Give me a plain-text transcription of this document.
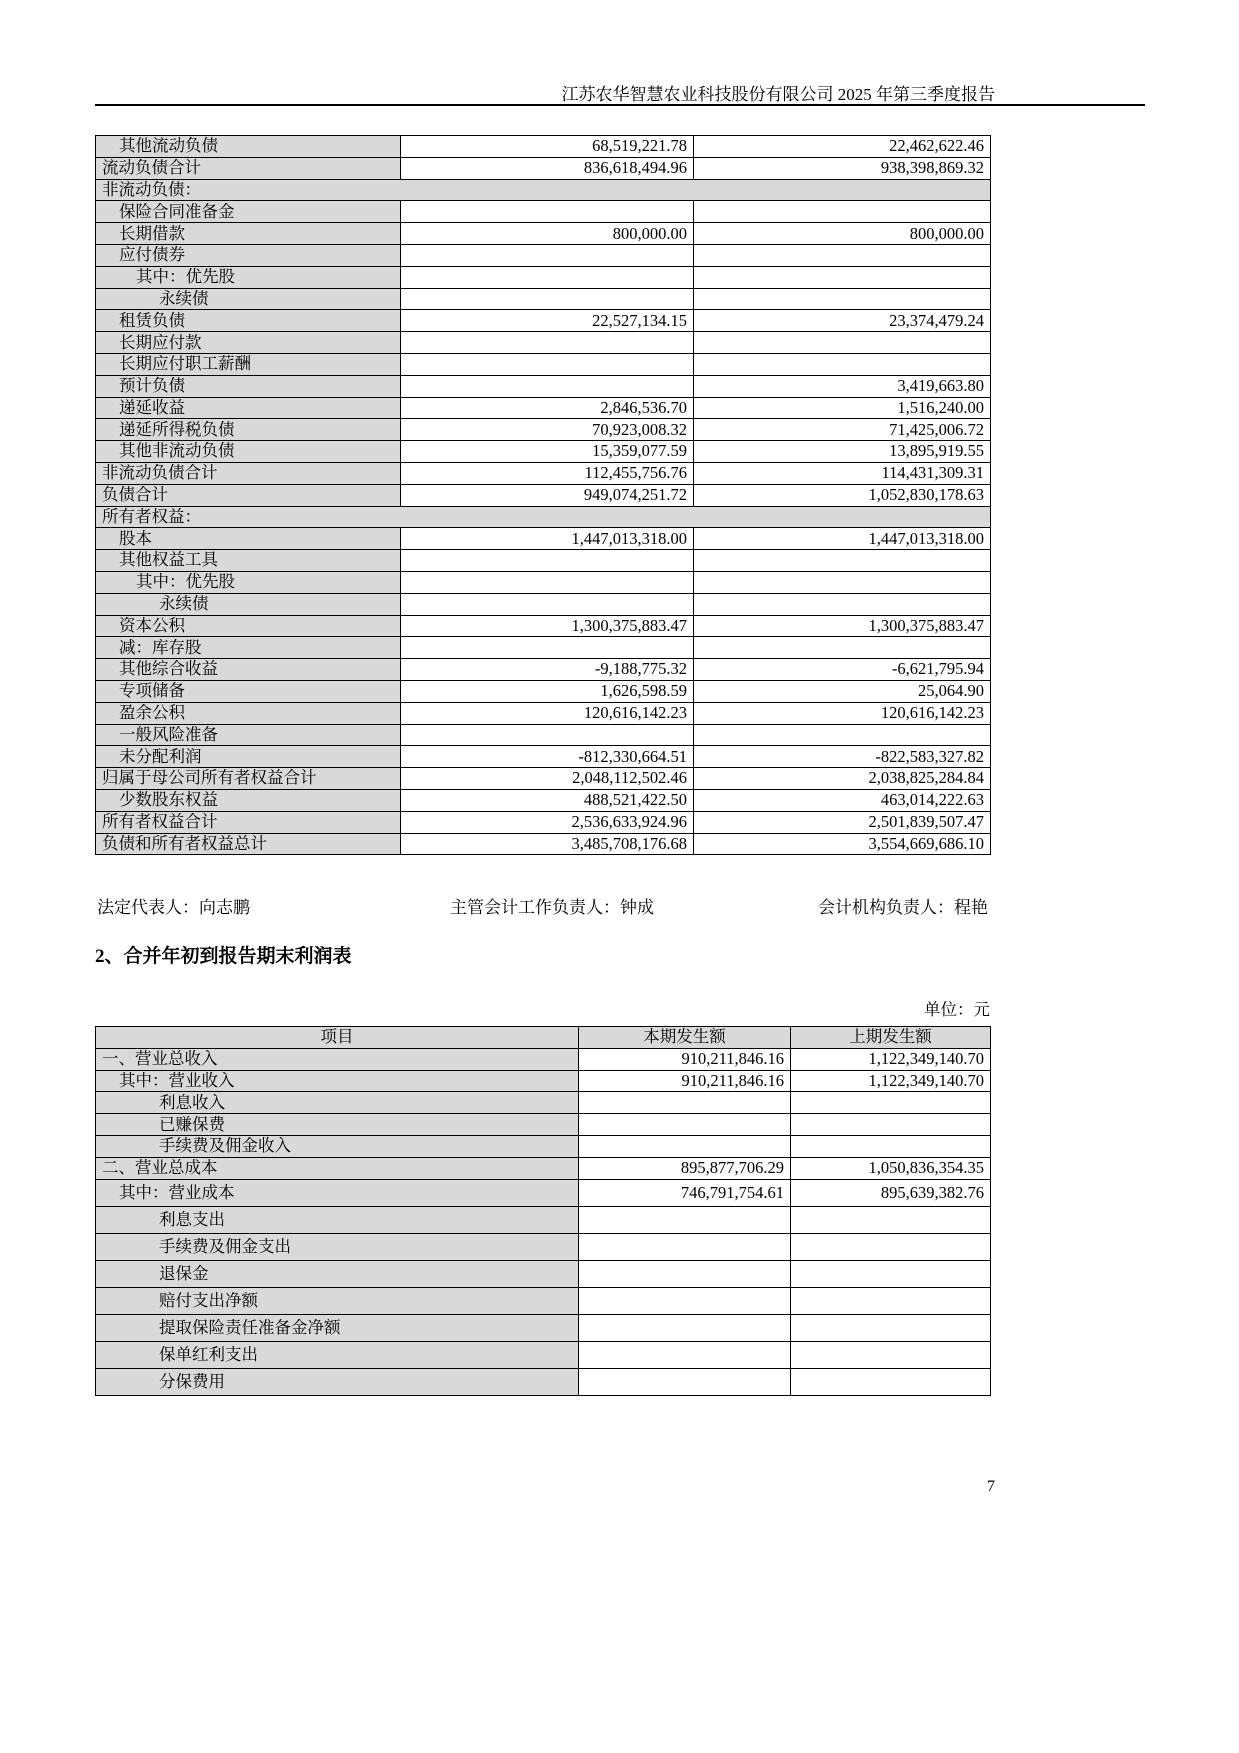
江苏农华智慧农业科技股份有限公司 2025 年第三季度报告
其他流动负债	68,519,221.78	22,462,622.46
流动负债合计	836,618,494.96	938,398,869.32
非流动负债：		
保险合同准备金		
长期借款	800,000.00	800,000.00
应付债券		
其中：优先股		
永续债		
租赁负债	22,527,134.15	23,374,479.24
长期应付款		
长期应付职工薪酬		
预计负债		3,419,663.80
递延收益	2,846,536.70	1,516,240.00
递延所得税负债	70,923,008.32	71,425,006.72
其他非流动负债	15,359,077.59	13,895,919.55
非流动负债合计	112,455,756.76	114,431,309.31
负债合计	949,074,251.72	1,052,830,178.63
所有者权益：		
股本	1,447,013,318.00	1,447,013,318.00
其他权益工具		
其中：优先股		
永续债		
资本公积	1,300,375,883.47	1,300,375,883.47
减：库存股		
其他综合收益	-9,188,775.32	-6,621,795.94
专项储备	1,626,598.59	25,064.90
盈余公积	120,616,142.23	120,616,142.23
一般风险准备		
未分配利润	-812,330,664.51	-822,583,327.82
归属于母公司所有者权益合计	2,048,112,502.46	2,038,825,284.84
少数股东权益	488,521,422.50	463,014,222.63
所有者权益合计	2,536,633,924.96	2,501,839,507.47
负债和所有者权益总计	3,485,708,176.68	3,554,669,686.10
法定代表人：向志鹏	主管会计工作负责人：钟成	会计机构负责人：程艳
2、合并年初到报告期末利润表
单位：元
项目	本期发生额	上期发生额
一、营业总收入	910,211,846.16	1,122,349,140.70
其中：营业收入	910,211,846.16	1,122,349,140.70
利息收入		
已赚保费		
手续费及佣金收入		
二、营业总成本	895,877,706.29	1,050,836,354.35
其中：营业成本	746,791,754.61	895,639,382.76
利息支出		
手续费及佣金支出		
退保金		
赔付支出净额		
提取保险责任准备金净额		
保单红利支出		
分保费用		
7
